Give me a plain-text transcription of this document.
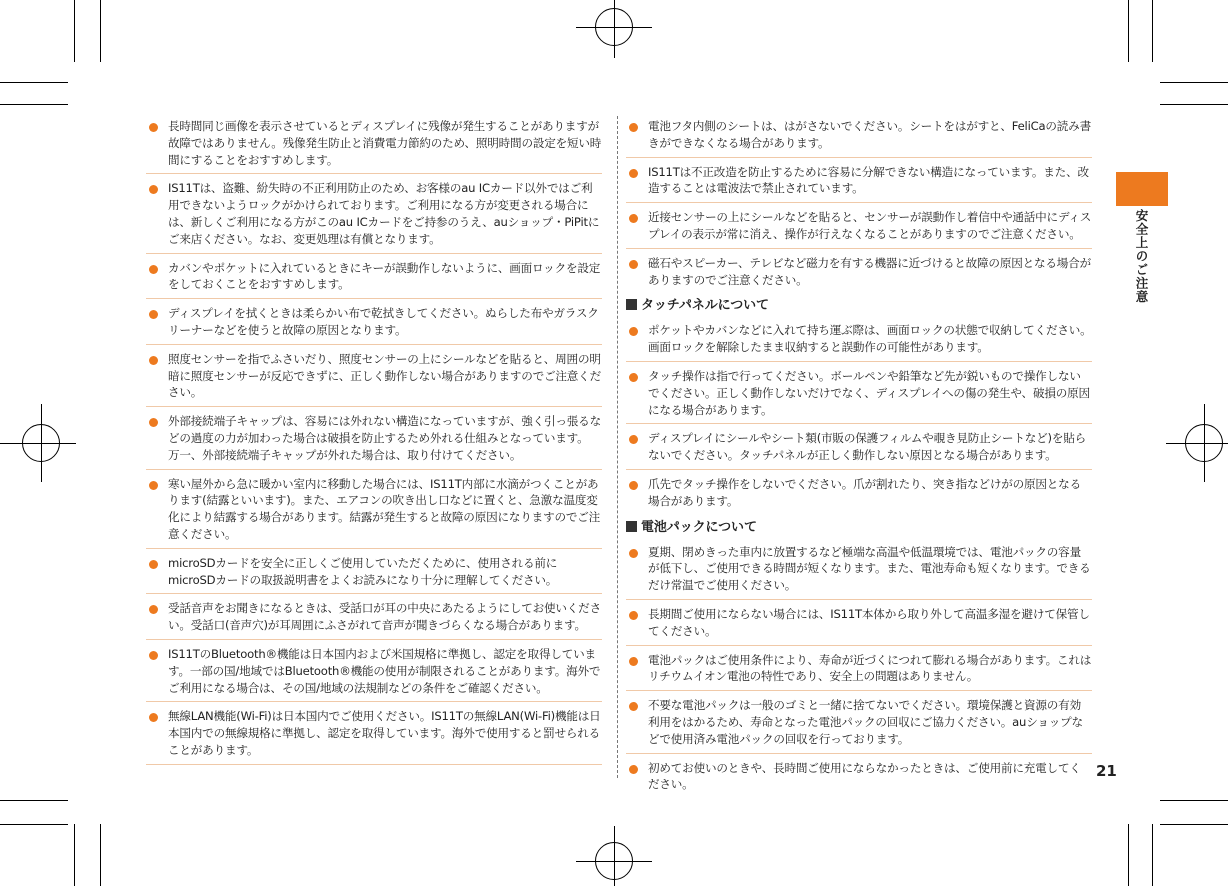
長時間同じ画像を表示させているとディスプレイに残像が発生することがありますが故障ではありません。残像発生防止と消費電力節約のため、照明時間の設定を短い時間にすることをおすすめします。
IS11Tは、盗難、紛失時の不正利用防止のため、お客様のau ICカード以外ではご利用できないようロックがかけられております。ご利用になる方が変更される場合には、新しくご利用になる方がこのau ICカードをご持参のうえ、auショップ・PiPitにご来店ください。なお、変更処理は有償となります。
カバンやポケットに入れているときにキーが誤動作しないように、画面ロックを設定をしておくことをおすすめします。
ディスプレイを拭くときは柔らかい布で乾拭きしてください。ぬらした布やガラスクリーナーなどを使うと故障の原因となります。
照度センサーを指でふさいだり、照度センサーの上にシールなどを貼ると、周囲の明暗に照度センサーが反応できずに、正しく動作しない場合がありますのでご注意ください。
外部接続端子キャップは、容易には外れない構造になっていますが、強く引っ張るなどの過度の力が加わった場合は破損を防止するため外れる仕組みとなっています。
万一、外部接続端子キャップが外れた場合は、取り付けてください。
寒い屋外から急に暖かい室内に移動した場合には、IS11T内部に水滴がつくことがあります(結露といいます)。また、エアコンの吹き出し口などに置くと、急激な温度変化により結露する場合があります。結露が発生すると故障の原因になりますのでご注意ください。
microSDカードを安全に正しくご使用していただくために、使用される前にmicroSDカードの取扱説明書をよくお読みになり十分に理解してください。
受話音声をお聞きになるときは、受話口が耳の中央にあたるようにしてお使いください。受話口(音声穴)が耳周囲にふさがれて音声が聞きづらくなる場合があります。
IS11TのBluetooth®機能は日本国内および米国規格に準拠し、認定を取得しています。一部の国/地域ではBluetooth®機能の使用が制限されることがあります。海外でご利用になる場合は、その国/地域の法規制などの条件をご確認ください。
無線LAN機能(Wi-Fi)は日本国内でご使用ください。IS11Tの無線LAN(Wi-Fi)機能は日本国内での無線規格に準拠し、認定を取得しています。海外で使用すると罰せられることがあります。
電池フタ内側のシートは、はがさないでください。シートをはがすと、FeliCaの読み書きができなくなる場合があります。
IS11Tは不正改造を防止するために容易に分解できない構造になっています。また、改造することは電波法で禁止されています。
近接センサーの上にシールなどを貼ると、センサーが誤動作し着信中や通話中にディスプレイの表示が常に消え、操作が行えなくなることがありますのでご注意ください。
磁石やスピーカー、テレビなど磁力を有する機器に近づけると故障の原因となる場合がありますのでご注意ください。
タッチパネルについて
ポケットやカバンなどに入れて持ち運ぶ際は、画面ロックの状態で収納してください。画面ロックを解除したまま収納すると誤動作の可能性があります。
タッチ操作は指で行ってください。ボールペンや鉛筆など先が鋭いもので操作しないでください。正しく動作しないだけでなく、ディスプレイへの傷の発生や、破損の原因になる場合があります。
ディスプレイにシールやシート類(市販の保護フィルムや覗き見防止シートなど)を貼らないでください。タッチパネルが正しく動作しない原因となる場合があります。
爪先でタッチ操作をしないでください。爪が割れたり、突き指などけがの原因となる場合があります。
電池パックについて
夏期、閉めきった車内に放置するなど極端な高温や低温環境では、電池パックの容量が低下し、ご使用できる時間が短くなります。また、電池寿命も短くなります。できるだけ常温でご使用ください。
長期間ご使用にならない場合には、IS11T本体から取り外して高温多湿を避けて保管してください。
電池パックはご使用条件により、寿命が近づくにつれて膨れる場合があります。これはリチウムイオン電池の特性であり、安全上の問題はありません。
不要な電池パックは一般のゴミと一緒に捨てないでください。環境保護と資源の有効利用をはかるため、寿命となった電池パックの回収にご協力ください。auショップなどで使用済み電池パックの回収を行っております。
初めてお使いのときや、長時間ご使用にならなかったときは、ご使用前に充電してください。
安全上のご注意
21
